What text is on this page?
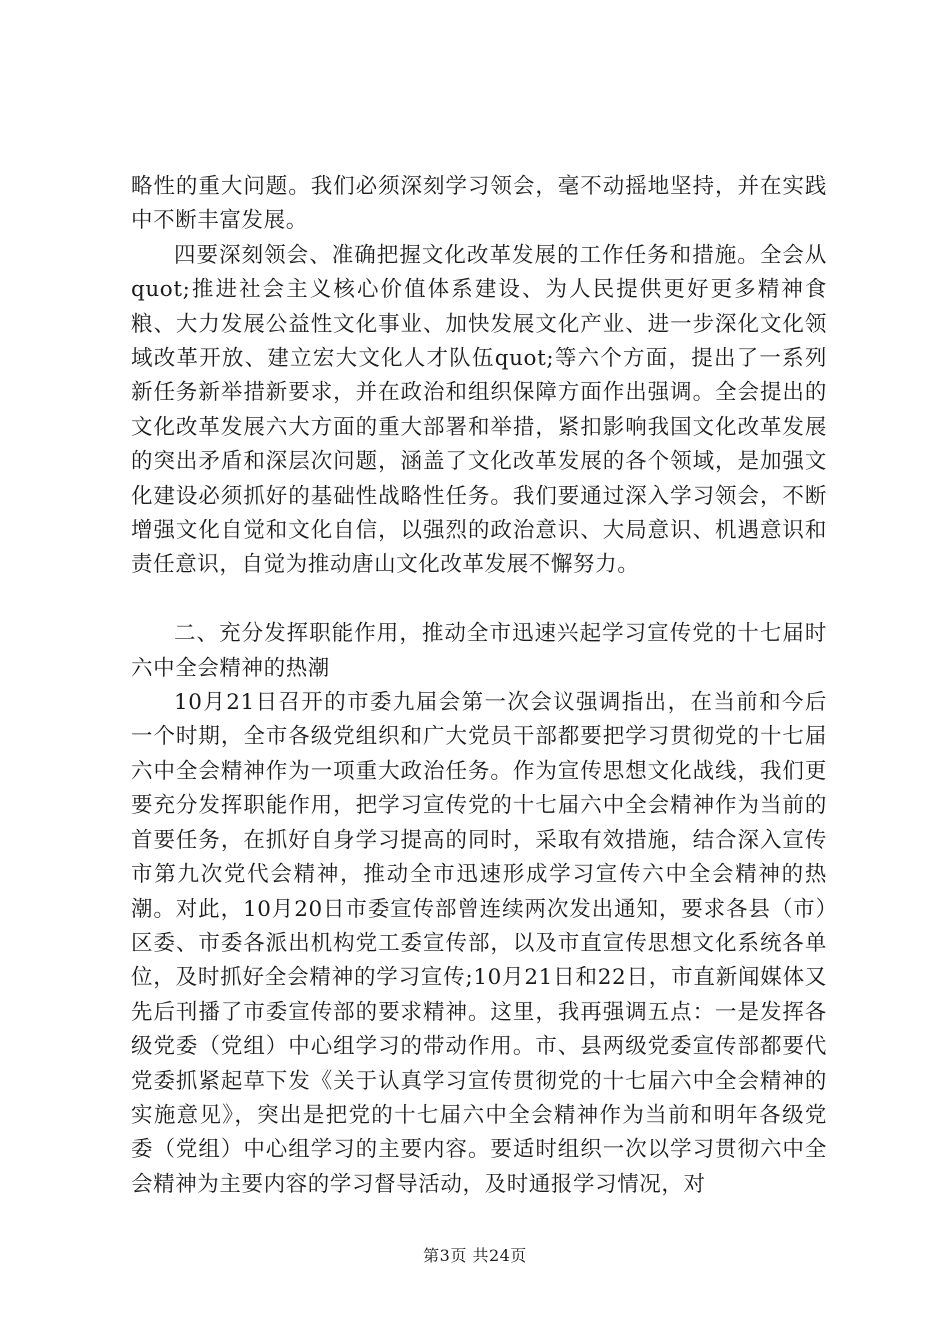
略性的重大问题。我们必须深刻学习领会，毫不动摇地坚持，并在实践中不断丰富发展。

四要深刻领会、准确把握文化改革发展的工作任务和措施。全会从quot;推进社会主义核心价值体系建设、为人民提供更好更多精神食粮、大力发展公益性文化事业、加快发展文化产业、进一步深化文化领域改革开放、建立宏大文化人才队伍quot;等六个方面，提出了一系列新任务新举措新要求，并在政治和组织保障方面作出强调。全会提出的文化改革发展六大方面的重大部署和举措，紧扣影响我国文化改革发展的突出矛盾和深层次问题，涵盖了文化改革发展的各个领域，是加强文化建设必须抓好的基础性战略性任务。我们要通过深入学习领会，不断增强文化自觉和文化自信，以强烈的政治意识、大局意识、机遇意识和责任意识，自觉为推动唐山文化改革发展不懈努力。

二、充分发挥职能作用，推动全市迅速兴起学习宣传党的十七届时六中全会精神的热潮

10月21日召开的市委九届会第一次会议强调指出，在当前和今后一个时期，全市各级党组织和广大党员干部都要把学习贯彻党的十七届六中全会精神作为一项重大政治任务。作为宣传思想文化战线，我们更要充分发挥职能作用，把学习宣传党的十七届六中全会精神作为当前的首要任务，在抓好自身学习提高的同时，采取有效措施，结合深入宣传市第九次党代会精神，推动全市迅速形成学习宣传六中全会精神的热潮。对此，10月20日市委宣传部曾连续两次发出通知，要求各县（市）区委、市委各派出机构党工委宣传部，以及市直宣传思想文化系统各单位，及时抓好全会精神的学习宣传;10月21日和22日，市直新闻媒体又先后刊播了市委宣传部的要求精神。这里，我再强调五点：一是发挥各级党委（党组）中心组学习的带动作用。市、县两级党委宣传部都要代党委抓紧起草下发《关于认真学习宣传贯彻党的十七届六中全会精神的实施意见》，突出是把党的十七届六中全会精神作为当前和明年各级党委（党组）中心组学习的主要内容。要适时组织一次以学习贯彻六中全会精神为主要内容的学习督导活动，及时通报学习情况，对

第3页 共24页
